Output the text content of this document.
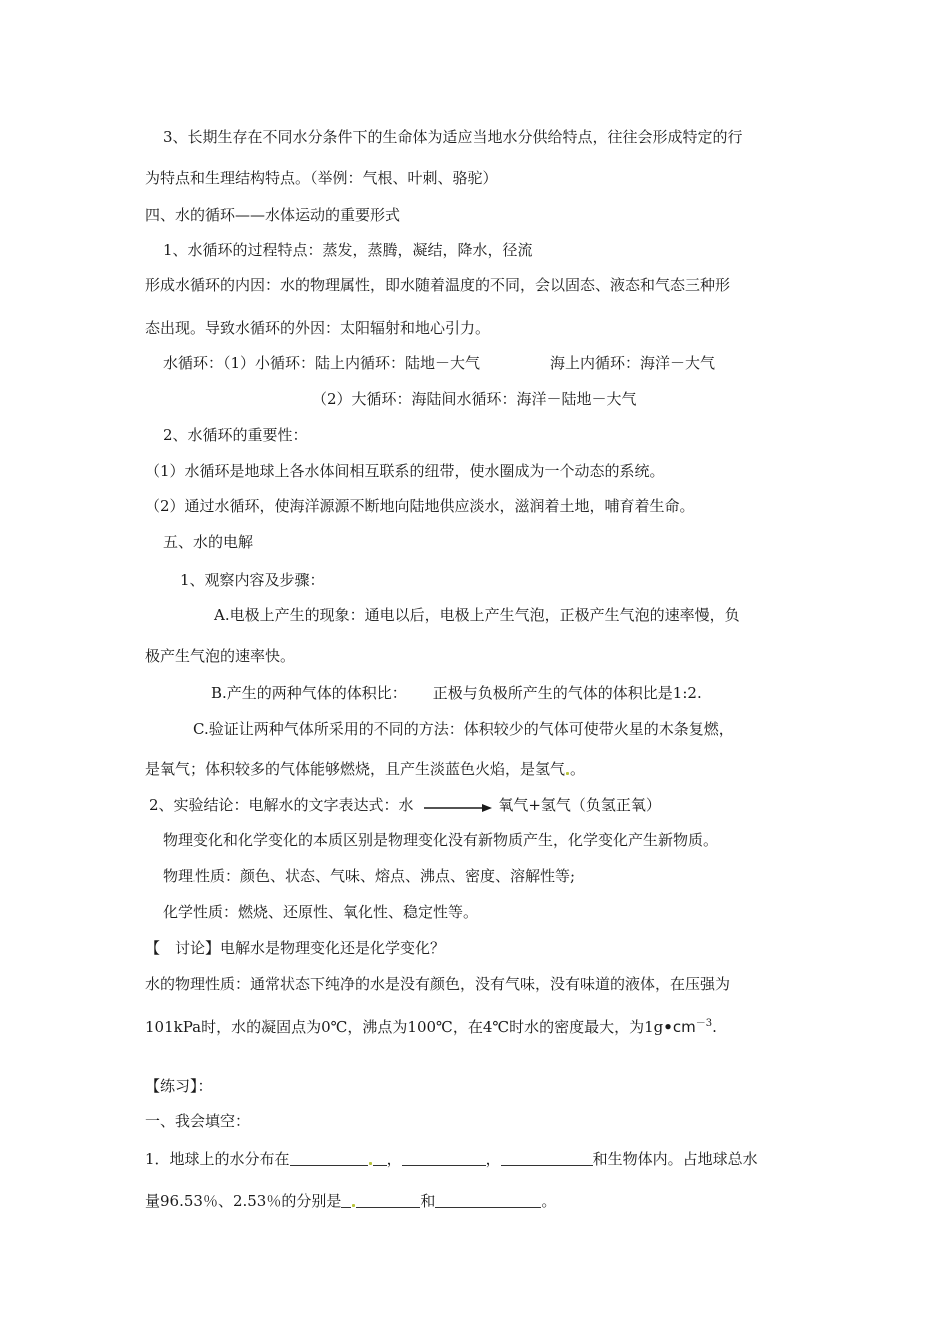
3、长期生存在不同水分条件下的生命体为适应当地水分供给特点，往往会形成特定的行
为特点和生理结构特点。（举例：气根、叶刺、骆驼）
四、水的循环——水体运动的重要形式
1、水循环的过程特点：蒸发，蒸腾，凝结，降水，径流
形成水循环的内因：水的物理属性，即水随着温度的不同，会以固态、液态和气态三种形
态出现。导致水循环的外因：太阳辐射和地心引力。
水循环：（1）小循环：陆上内循环：陆地－大气	海上内循环：海洋－大气
（2）大循环：海陆间水循环：海洋－陆地－大气
2、水循环的重要性：
（1）水循环是地球上各水体间相互联系的纽带，使水圈成为一个动态的系统。
（2）通过水循环，使海洋源源不断地向陆地供应淡水，滋润着土地，哺育着生命。
五、水的电解
1、观察内容及步骤：
A.电极上产生的现象：通电以后，电极上产生气泡，正极产生气泡的速率慢，负
极产生气泡的速率快。
B.产生的两种气体的体积比： 正极与负极所产生的气体的体积比是1:2.
C.验证让两种气体所采用的不同的方法：体积较少的气体可使带火星的木条复燃，
是氧气；体积较多的气体能够燃烧，且产生淡蓝色火焰，是氢气 。
2、实验结论：电解水的文字表达式：水	氧气+氢气（负氢正氧）
物理变化和化学变化的本质区别是物理变化没有新物质产生，化学变化产生新物质。
物理 性质：颜色、状态、气味、熔点、沸点、密度、溶解性等;
化学性质：燃烧、还原性、氧化性、稳定性等。
【　讨论】电解水是物理变化还是化学变化？
水的物理性质：通常状态下纯净的水是没有颜色，没有气味，没有味道的液体，在压强为
101kPa时，水的凝固点为0℃，沸点为100℃，在4℃时水的密度最大，为$1g•cm^{-3}$.
【练习】：
一、我会填空：
1．地球上的水分布在	，	，	和生物体内。占地球总水
量96.53％、2.53％的分别是	和	。
